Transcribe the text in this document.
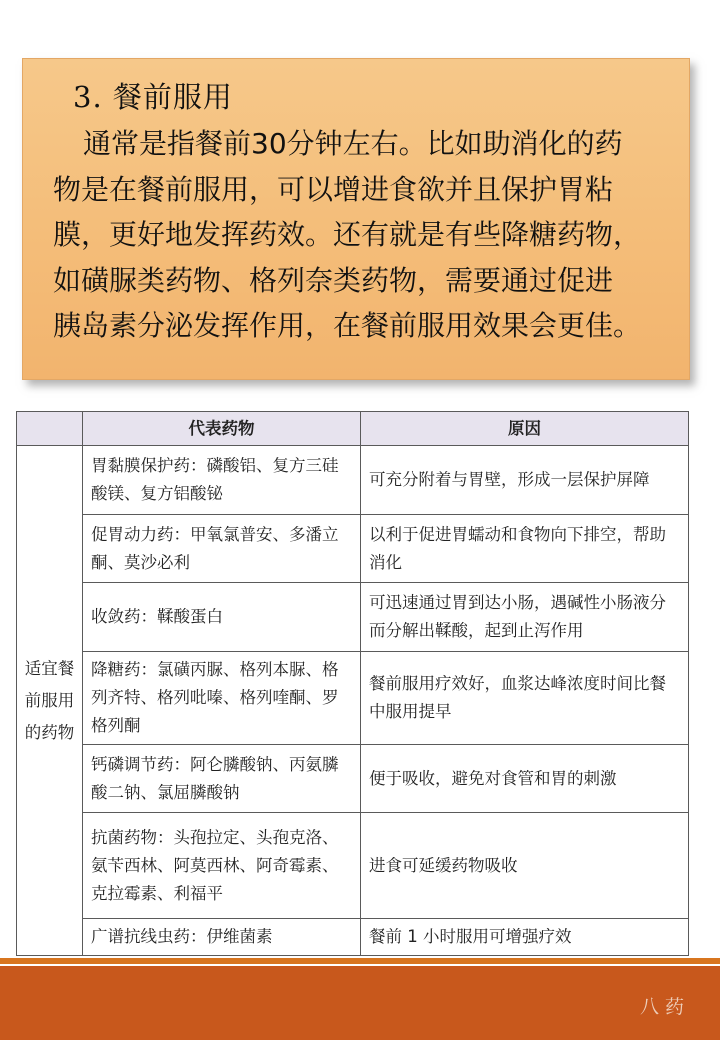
3. 餐前服用
通常是指餐前30分钟左右。比如助消化的药
物是在餐前服用，可以增进食欲并且保护胃粘
膜，更好地发挥药效。还有就是有些降糖药物，
如磺脲类药物、格列奈类药物，需要通过促进
胰岛素分泌发挥作用，在餐前服用效果会更佳。
	代表药物	原因

适宜餐
前服用
的药物	胃黏膜保护药：磷酸铝、复方三硅酸镁、复方铝酸铋	可充分附着与胃壁，形成一层保护屏障
	促胃动力药：甲氧氯普安、多潘立酮、莫沙必利	以利于促进胃蠕动和食物向下排空，帮助消化
	收敛药：鞣酸蛋白	可迅速通过胃到达小肠，遇碱性小肠液分而分解出鞣酸，起到止泻作用
	降糖药：氯磺丙脲、格列本脲、格列齐特、格列吡嗪、格列喹酮、罗格列酮	餐前服用疗效好，血浆达峰浓度时间比餐中服用提早
	钙磷调节药：阿仑膦酸钠、丙氨膦酸二钠、氯屈膦酸钠	便于吸收，避免对食管和胃的刺激
	抗菌药物：头孢拉定、头孢克洛、氨苄西林、阿莫西林、阿奇霉素、克拉霉素、利福平	进食可延缓药物吸收
	广谱抗线虫药：伊维菌素	餐前 1 小时服用可增强疗效
八 药
